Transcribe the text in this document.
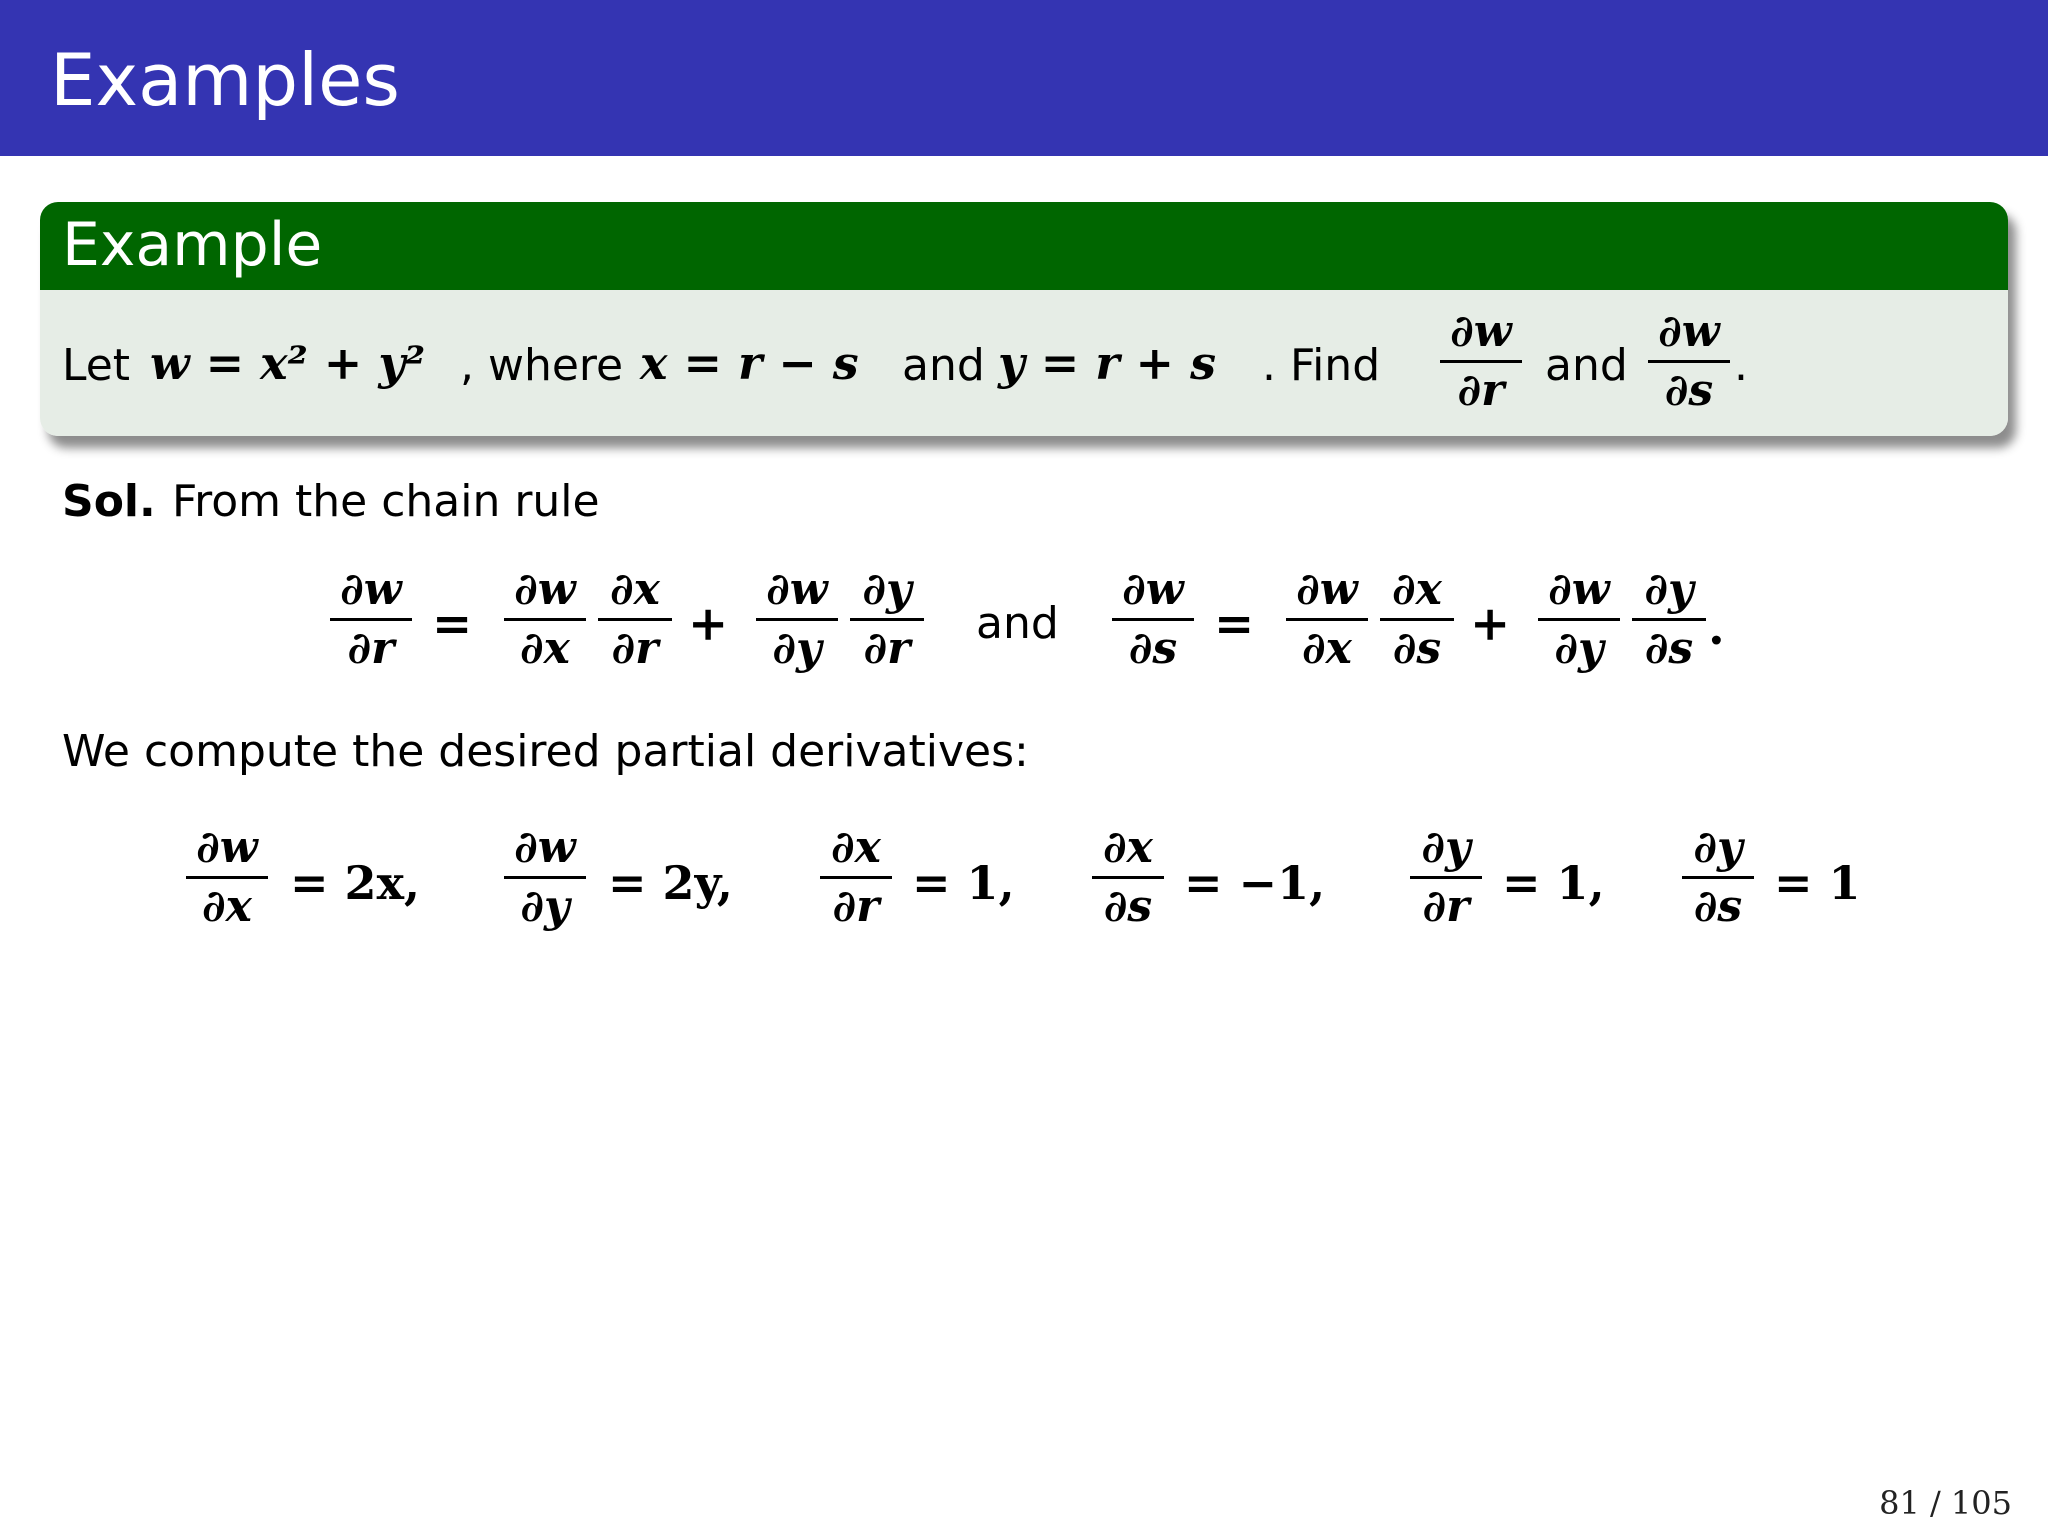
Examples
Example
Let w = x² + y² , where x = r − s and y = r + s . Find
∂w
∂r and
∂w
∂s .
Sol. From the chain rule
∂w
∂r =
∂w
∂x
∂x
∂r +
∂w
∂y
∂y
∂r and
∂w
∂s =
∂w
∂x
∂x
∂s +
∂w
∂y
∂y
∂s .
We compute the desired partial derivatives:
∂w
∂x = 2x,
∂w
∂y = 2y,
∂x
∂r = 1,
∂x
∂s = −1,
∂y
∂r = 1,
∂y
∂s = 1
81 / 105
